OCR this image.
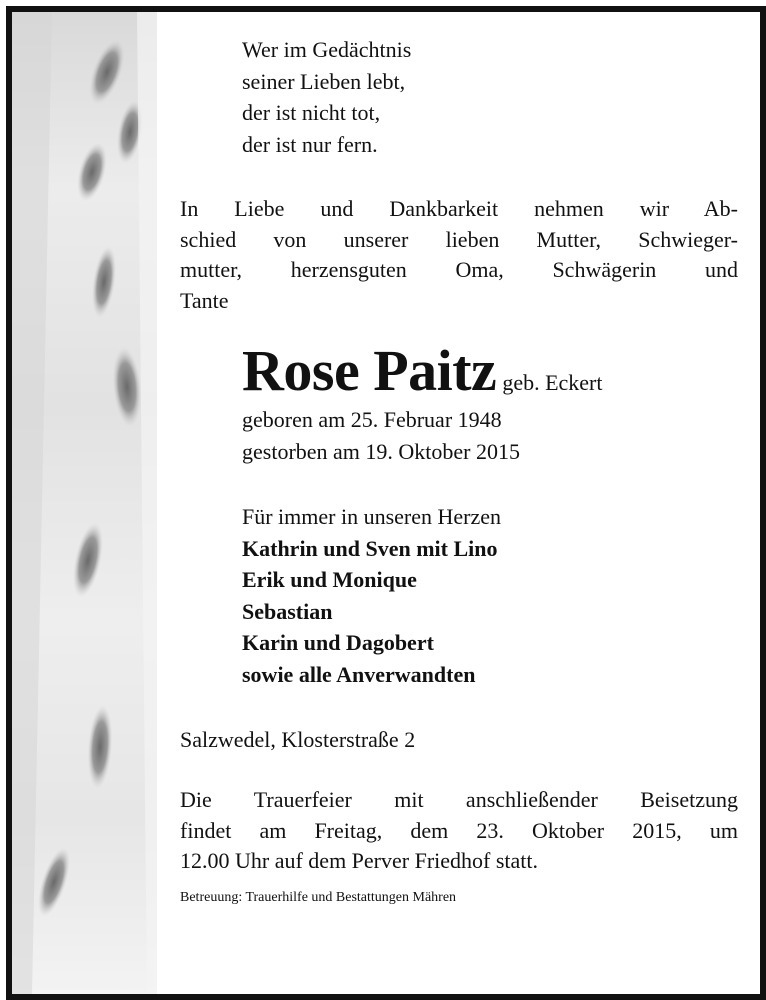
Wer im Gedächtnis
seiner Lieben lebt,
der ist nicht tot,
der ist nur fern.
In Liebe und Dankbarkeit nehmen wir Ab-
schied von unserer lieben Mutter, Schwieger-
mutter, herzensguten Oma, Schwägerin und
Tante
Rose Paitz geb. Eckert
geboren am 25. Februar 1948
gestorben am 19. Oktober 2015
Für immer in unseren Herzen
Kathrin und Sven mit Lino
Erik und Monique
Sebastian
Karin und Dagobert
sowie alle Anverwandten
Salzwedel, Klosterstraße 2
Die Trauerfeier mit anschließender Beisetzung
findet am Freitag, dem 23. Oktober 2015, um
12.00 Uhr auf dem Perver Friedhof statt.
Betreuung: Trauerhilfe und Bestattungen Mähren
